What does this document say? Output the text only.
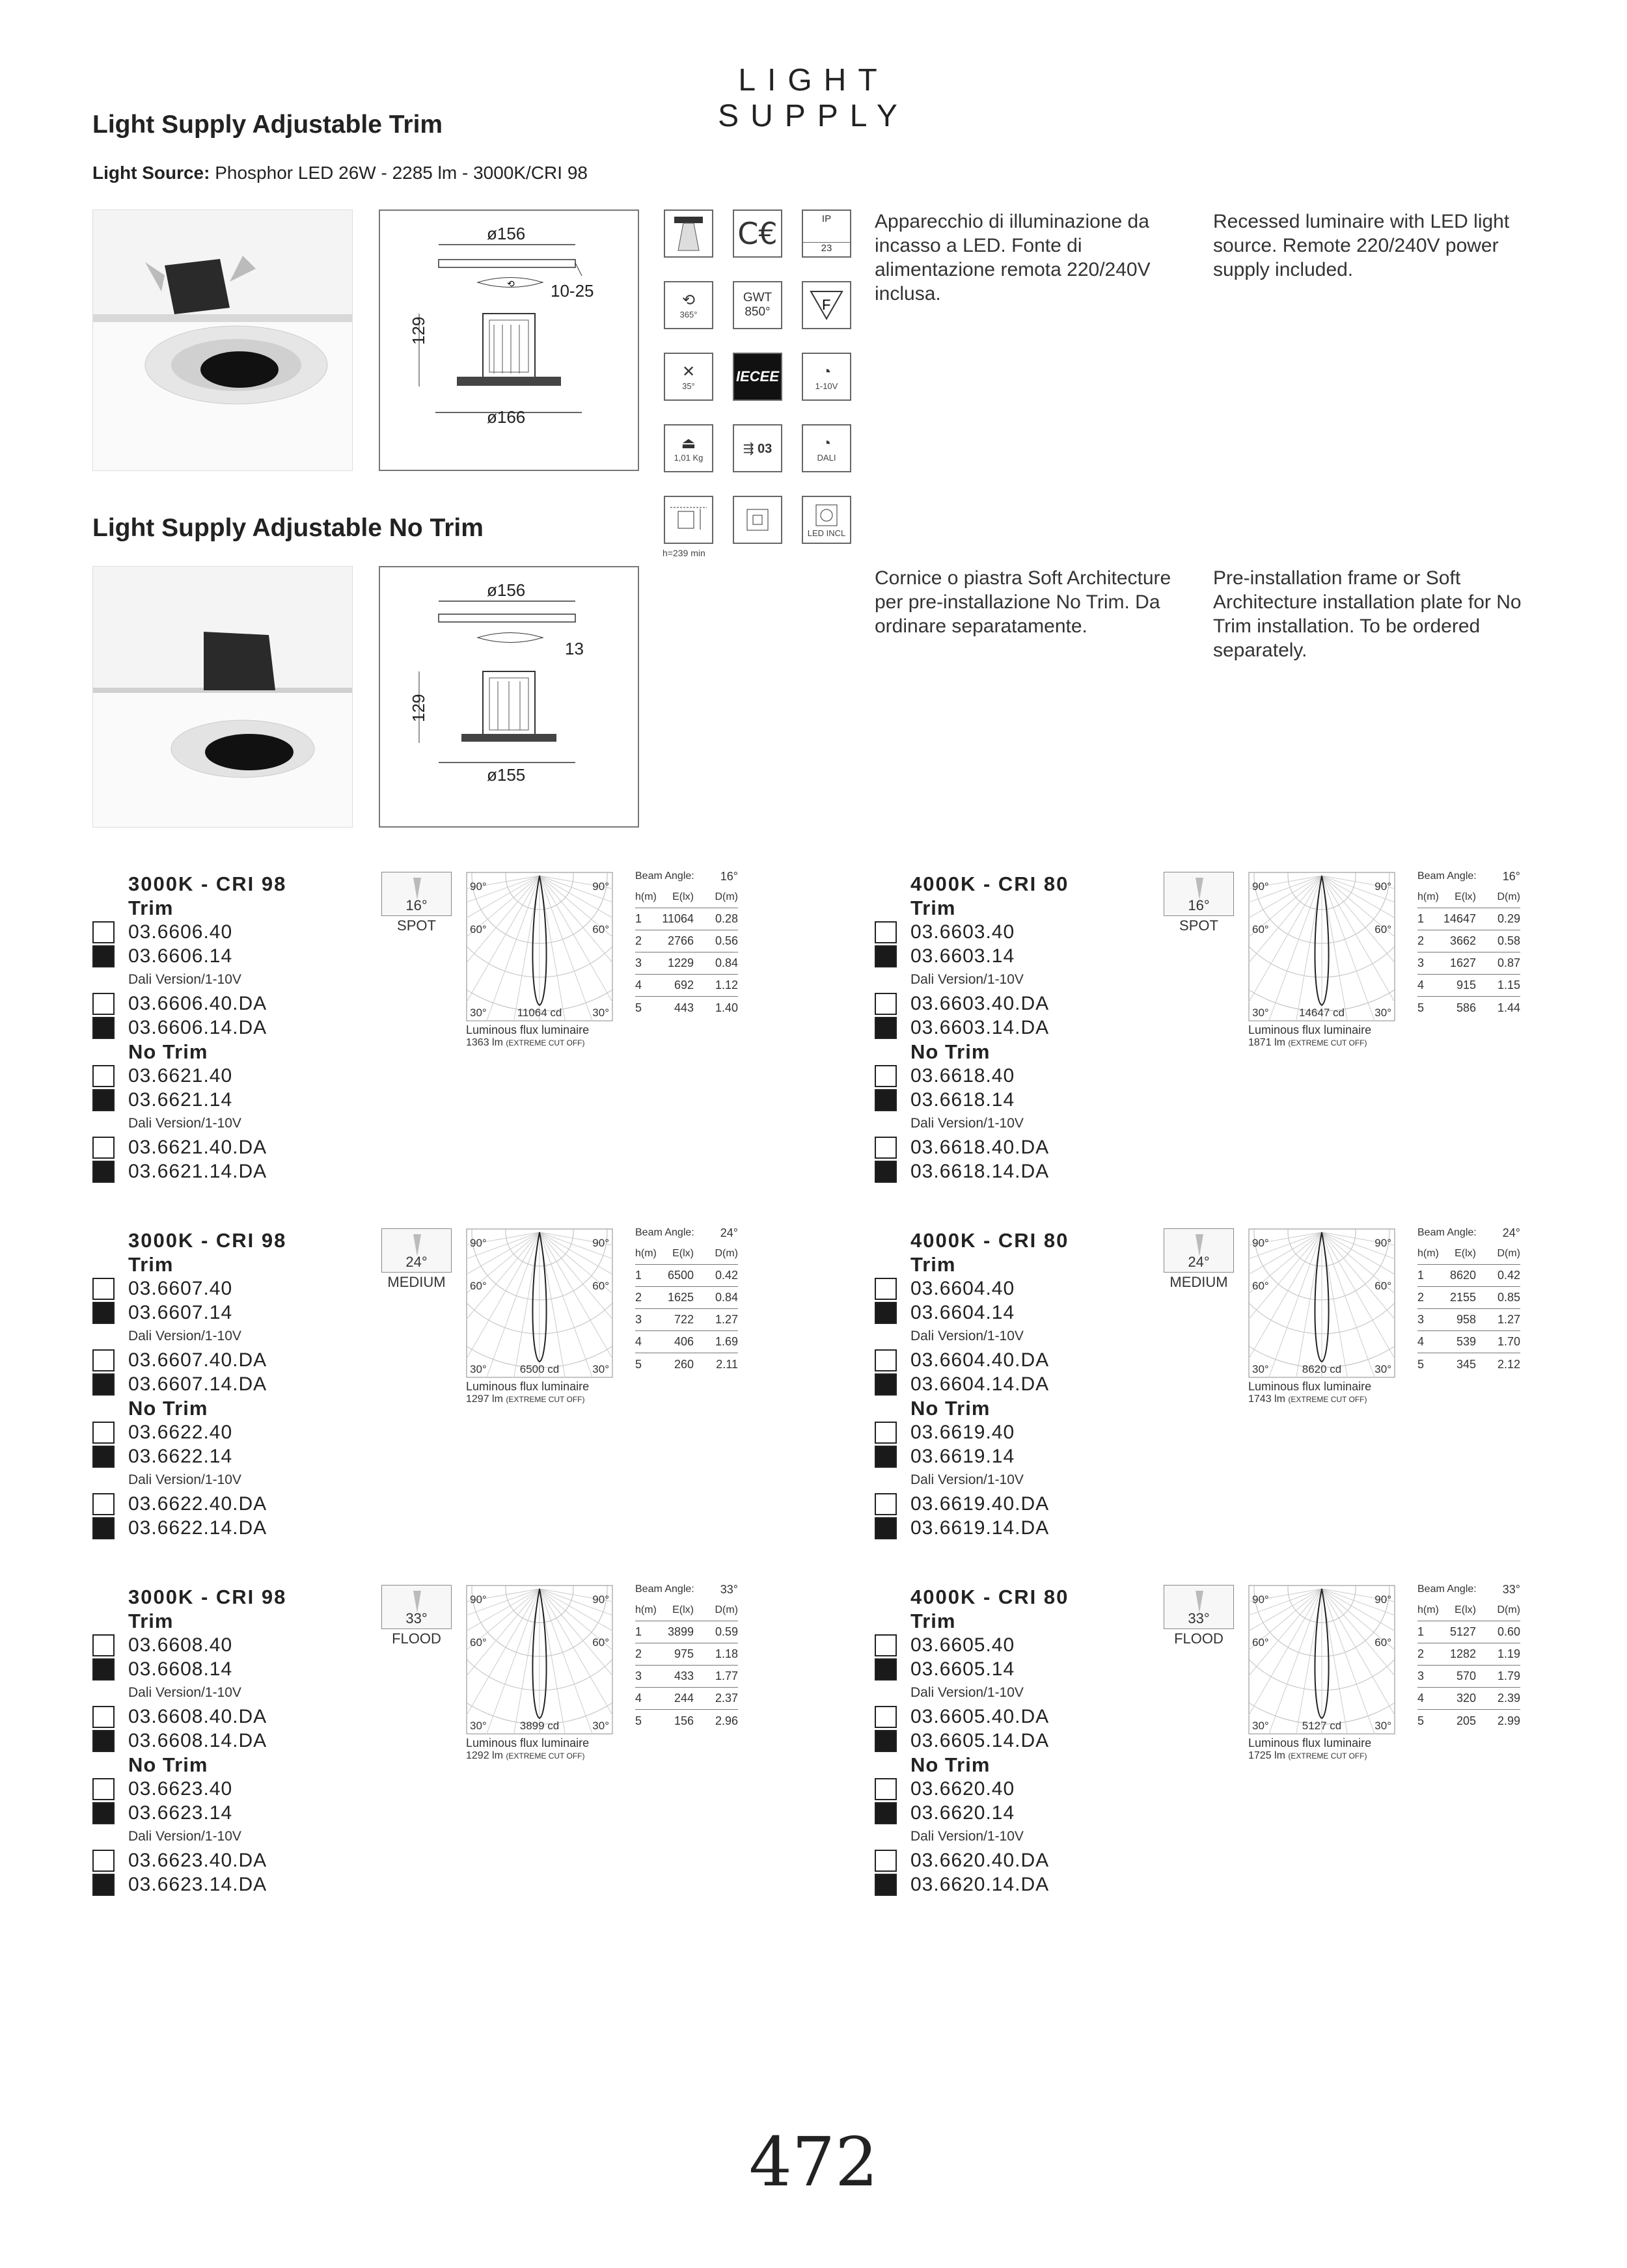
LIGHT SUPPLY
Light Supply Adjustable Trim
Light Source: Phosphor LED 26W - 2285 lm - 3000K/CRI 98
⟲
ø156
10-25
129
ø166
C€	IP
23
⟲
365°
GWT
850°	F
✕
35°
IECEE	◔
1-10V
⏏
1,01 Kg
⇶ 03	◔
DALI
h=239 min
LED INCL
Apparecchio di illuminazione da incasso a LED. Fonte di alimentazione remota 220/240V inclusa.
Recessed luminaire with LED light source. Remote 220/240V power supply included.
Light Supply Adjustable No Trim
ø156
13
129
ø155
Cornice o piastra Soft Architecture per pre-installazione No Trim. Da ordinare separatamente.
Pre-installation frame or Soft Architecture installation plate for No Trim installation. To be ordered separately.
3000K - CRI 98
Trim
03.6606.40
03.6606.14
Dali Version/1-10V
03.6606.40.DA
03.6606.14.DA
No Trim
03.6621.40
03.6621.14
Dali Version/1-10V
03.6621.40.DA
03.6621.14.DA
16°
SPOT
90°	90°
60°	60°
30°	30°
11064 cd
Luminous flux luminaire
1363 lm (EXTREME CUT OFF)
Beam Angle: 16°
h(m)	E(lx)	D(m)
1	11064	0.28
2	2766	0.56
3	1229	0.84
4	692	1.12
5	443	1.40
4000K - CRI 80
Trim
03.6603.40
03.6603.14
Dali Version/1-10V
03.6603.40.DA
03.6603.14.DA
No Trim
03.6618.40
03.6618.14
Dali Version/1-10V
03.6618.40.DA
03.6618.14.DA
16°
SPOT
90°	90°
60°	60°
30°	30°
14647 cd
Luminous flux luminaire
1871 lm (EXTREME CUT OFF)
Beam Angle: 16°
h(m)	E(lx)	D(m)
1	14647	0.29
2	3662	0.58
3	1627	0.87
4	915	1.15
5	586	1.44
3000K - CRI 98
Trim
03.6607.40
03.6607.14
Dali Version/1-10V
03.6607.40.DA
03.6607.14.DA
No Trim
03.6622.40
03.6622.14
Dali Version/1-10V
03.6622.40.DA
03.6622.14.DA
24°
MEDIUM
90°	90°
60°	60°
30°	30°
6500 cd
Luminous flux luminaire
1297 lm (EXTREME CUT OFF)
Beam Angle: 24°
h(m)	E(lx)	D(m)
1	6500	0.42
2	1625	0.84
3	722	1.27
4	406	1.69
5	260	2.11
4000K - CRI 80
Trim
03.6604.40
03.6604.14
Dali Version/1-10V
03.6604.40.DA
03.6604.14.DA
No Trim
03.6619.40
03.6619.14
Dali Version/1-10V
03.6619.40.DA
03.6619.14.DA
24°
MEDIUM
90°	90°
60°	60°
30°	30°
8620 cd
Luminous flux luminaire
1743 lm (EXTREME CUT OFF)
Beam Angle: 24°
h(m)	E(lx)	D(m)
1	8620	0.42
2	2155	0.85
3	958	1.27
4	539	1.70
5	345	2.12
3000K - CRI 98
Trim
03.6608.40
03.6608.14
Dali Version/1-10V
03.6608.40.DA
03.6608.14.DA
No Trim
03.6623.40
03.6623.14
Dali Version/1-10V
03.6623.40.DA
03.6623.14.DA
33°
FLOOD
90°	90°
60°	60°
30°	30°
3899 cd
Luminous flux luminaire
1292 lm (EXTREME CUT OFF)
Beam Angle: 33°
h(m)	E(lx)	D(m)
1	3899	0.59
2	975	1.18
3	433	1.77
4	244	2.37
5	156	2.96
4000K - CRI 80
Trim
03.6605.40
03.6605.14
Dali Version/1-10V
03.6605.40.DA
03.6605.14.DA
No Trim
03.6620.40
03.6620.14
Dali Version/1-10V
03.6620.40.DA
03.6620.14.DA
33°
FLOOD
90°	90°
60°	60°
30°	30°
5127 cd
Luminous flux luminaire
1725 lm (EXTREME CUT OFF)
Beam Angle: 33°
h(m)	E(lx)	D(m)
1	5127	0.60
2	1282	1.19
3	570	1.79
4	320	2.39
5	205	2.99
472
